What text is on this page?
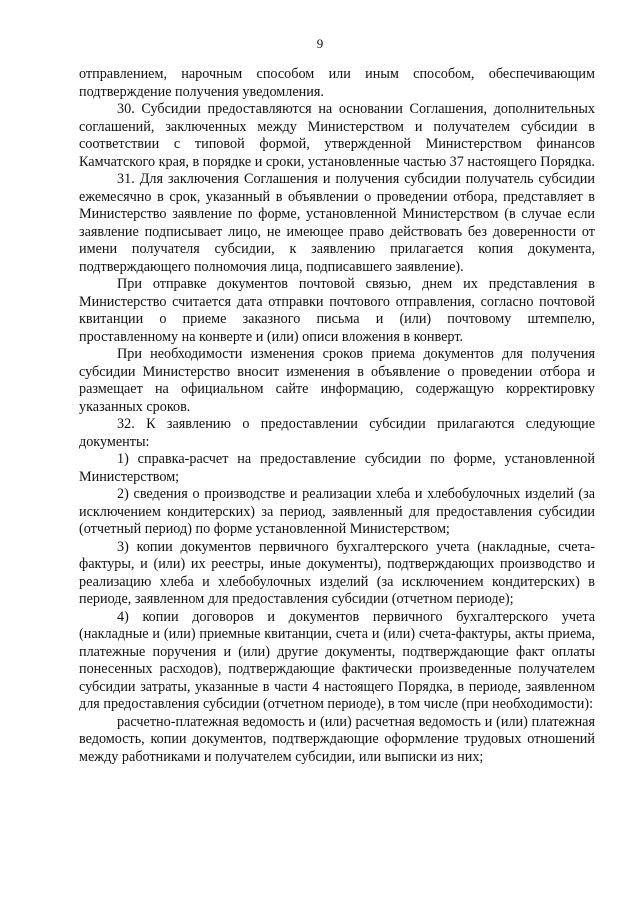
9

отправлением, нарочным способом или иным способом, обеспечивающим подтверждение получения уведомления.

30. Субсидии предоставляются на основании Соглашения, дополнительных соглашений, заключенных между Министерством и получателем субсидии в соответствии с типовой формой, утвержденной Министерством финансов Камчатского края, в порядке и сроки, установленные частью 37 настоящего Порядка.

31. Для заключения Соглашения и получения субсидии получатель субсидии ежемесячно в срок, указанный в объявлении о проведении отбора, представляет в Министерство заявление по форме, установленной Министерством (в случае если заявление подписывает лицо, не имеющее право действовать без доверенности от имени получателя субсидии, к заявлению прилагается копия документа, подтверждающего полномочия лица, подписавшего заявление).

При отправке документов почтовой связью, днем их представления в Министерство считается дата отправки почтового отправления, согласно почтовой квитанции о приеме заказного письма и (или) почтовому штемпелю, проставленному на конверте и (или) описи вложения в конверт.

При необходимости изменения сроков приема документов для получения субсидии Министерство вносит изменения в объявление о проведении отбора и размещает на официальном сайте информацию, содержащую корректировку указанных сроков.

32. К заявлению о предоставлении субсидии прилагаются следующие документы:

1) справка-расчет на предоставление субсидии по форме, установленной Министерством;

2) сведения о производстве и реализации хлеба и хлебобулочных изделий (за исключением кондитерских) за период, заявленный для предоставления субсидии (отчетный период) по форме установленной Министерством;

3) копии документов первичного бухгалтерского учета (накладные, счета-фактуры, и (или) их реестры, иные документы), подтверждающих производство и реализацию хлеба и хлебобулочных изделий (за исключением кондитерских) в периоде, заявленном для предоставления субсидии (отчетном периоде);

4) копии договоров и документов первичного бухгалтерского учета (накладные и (или) приемные квитанции, счета и (или) счета-фактуры, акты приема, платежные поручения и (или) другие документы, подтверждающие факт оплаты понесенных расходов), подтверждающие фактически произведенные получателем субсидии затраты, указанные в части 4 настоящего Порядка, в периоде, заявленном для предоставления субсидии (отчетном периоде), в том числе (при необходимости):

расчетно-платежная ведомость и (или) расчетная ведомость и (или) платежная ведомость, копии документов, подтверждающие оформление трудовых отношений между работниками и получателем субсидии, или выписки из них;
